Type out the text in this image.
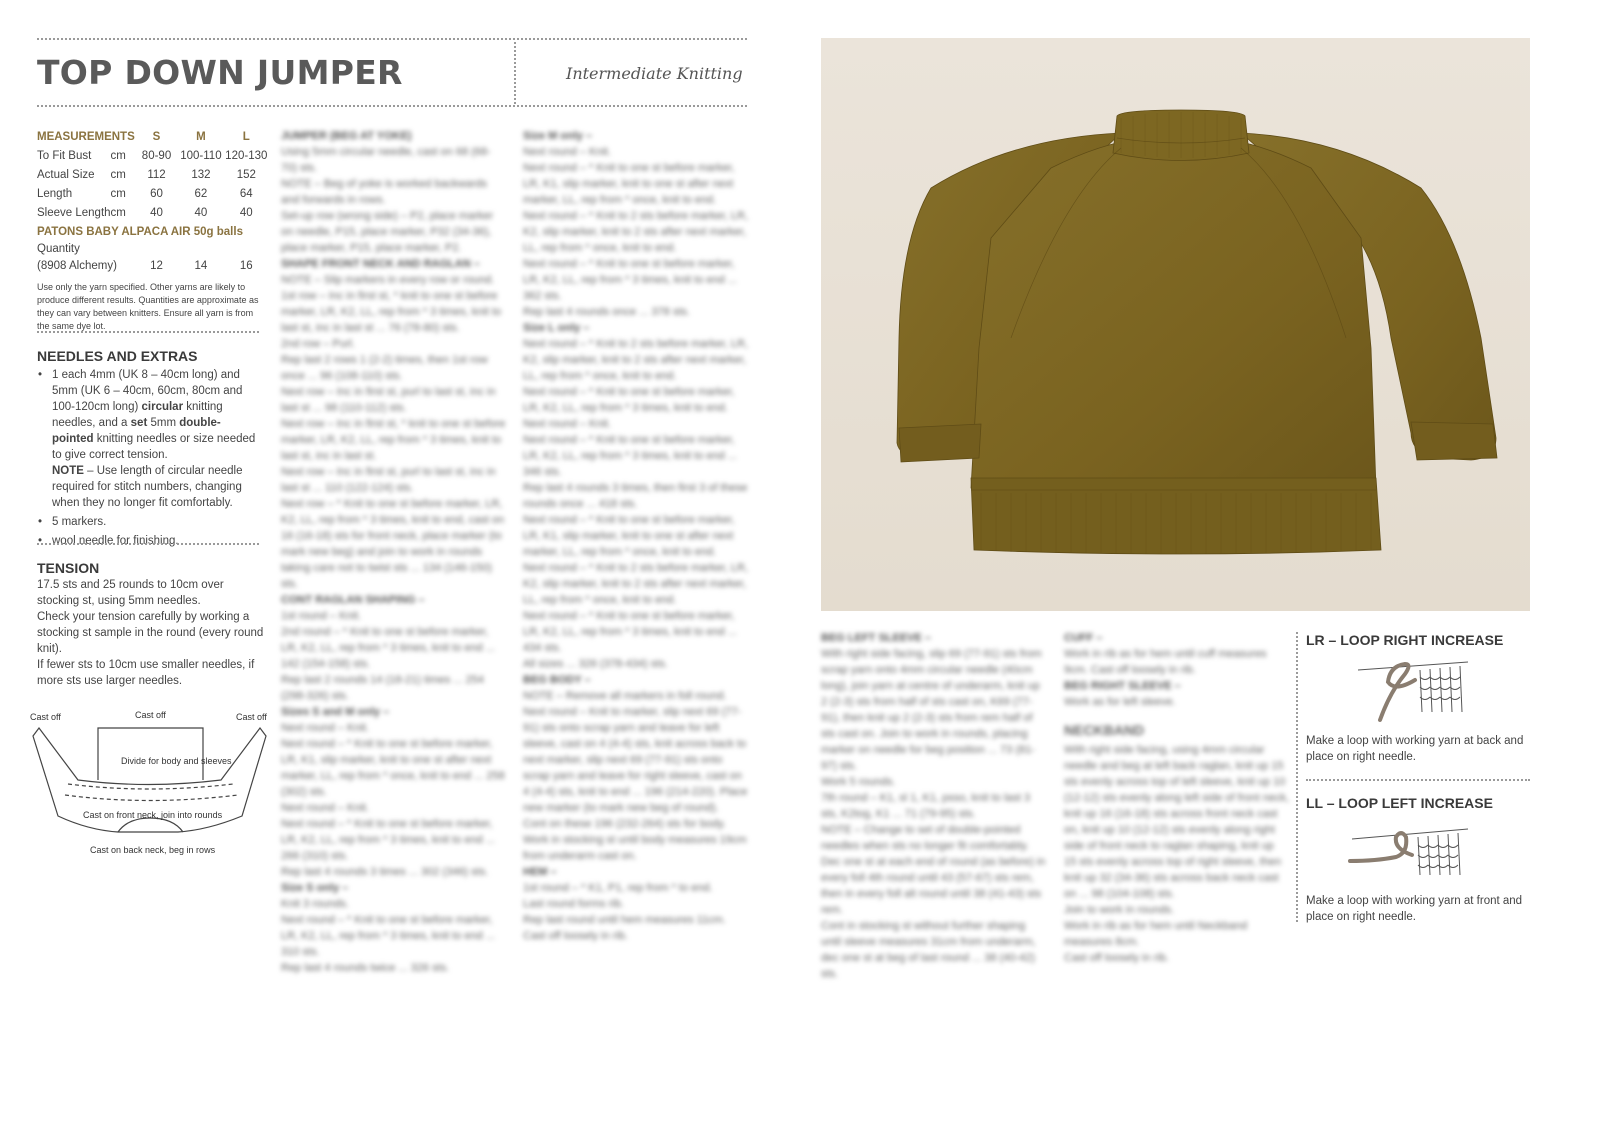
TOP DOWN JUMPER	Intermediate Knitting
MEASUREMENTS		S	M	L
To Fit Bust	cm	80-90	100-110	120-130
Actual Size	cm	112	132	152
Length	cm	60	62	64
Sleeve Length	cm	40	40	40
PATONS BABY ALPACA AIR 50g balls				
Quantity				
(8908 Alchemy)		12	14	16
Use only the yarn specified. Other yarns are likely to produce different results. Quantities are approximate as they can vary between knitters. Ensure all yarn is from the same dye lot.
NEEDLES AND EXTRAS
• 1 each 4mm (UK 8 – 40cm long) and 5mm (UK 6 – 40cm, 60cm, 80cm and 100-120cm long) circular knitting needles, and a set 5mm double-pointed knitting needles or size needed to give correct tension.
NOTE – Use length of circular needle required for stitch numbers, changing when they no longer fit comfortably.
• 5 markers.
• wool needle for finishing.
TENSION
17.5 sts and 25 rounds to 10cm over stocking st, using 5mm needles.
Check your tension carefully by working a stocking st sample in the round (every round knit).
If fewer sts to 10cm use smaller needles, if more sts use larger needles.
Cast off	Cast off	Cast off
Divide for body and sleeves
Cast on front neck, join into rounds
Cast on back neck, beg in rows
JUMPER (BEG AT YOKE)
Using 5mm circular needle, cast on 68 (68-70) sts.
NOTE – Beg of yoke is worked backwards and forwards in rows.
Set-up row (wrong side) – P2, place marker on needle, P15, place marker, P32 (34-36), place marker, P15, place marker, P2.
SHAPE FRONT NECK AND RAGLAN –
NOTE – Slip markers in every row or round.
1st row – Inc in first st, * knit to one st before marker, LR, K2, LL, rep from * 3 times, knit to last st, inc in last st ... 76 (78-80) sts.
2nd row – Purl.
Rep last 2 rows 1 (2-2) times, then 1st row once ... 96 (108-110) sts.
Next row – Inc in first st, purl to last st, inc in last st ... 98 (110-112) sts.
Next row – Inc in first st, * knit to one st before marker, LR, K2, LL, rep from * 3 times, knit to last st, inc in last st.
Next row – Inc in first st, purl to last st, inc in last st ... 110 (122-124) sts.
Next row – * Knit to one st before marker, LR, K2, LL, rep from * 3 times, knit to end, cast on 16 (16-18) sts for front neck, place marker (to mark new beg) and join to work in rounds taking care not to twist sts ... 134 (146-150) sts.
CONT RAGLAN SHAPING –
1st round – Knit.
2nd round – * Knit to one st before marker, LR, K2, LL, rep from * 3 times, knit to end ... 142 (154-158) sts.
Rep last 2 rounds 14 (18-21) times ... 254 (298-326) sts.
Sizes S and M only –
Next round – Knit.
Next round – * Knit to one st before marker, LR, K1, slip marker, knit to one st after next marker, LL, rep from * once, knit to end ... 258 (302) sts.
Next round – Knit.
Next round – * Knit to one st before marker, LR, K2, LL, rep from * 3 times, knit to end ... 266 (310) sts.
Rep last 4 rounds 3 times ... 302 (346) sts.
Size S only –
Knit 3 rounds.
Next round – * Knit to one st before marker, LR, K2, LL, rep from * 3 times, knit to end ... 310 sts.
Rep last 4 rounds twice ... 326 sts.
Size M only –
Next round – Knit.
Next round – * Knit to one st before marker, LR, K1, slip marker, knit to one st after next marker, LL, rep from * once, knit to end.
Next round – * Knit to 2 sts before marker, LR, K2, slip marker, knit to 2 sts after next marker, LL, rep from * once, knit to end.
Next round – * Knit to one st before marker, LR, K2, LL, rep from * 3 times, knit to end ... 362 sts.
Rep last 4 rounds once ... 378 sts.
Size L only –
Next round – * Knit to 2 sts before marker, LR, K2, slip marker, knit to 2 sts after next marker, LL, rep from * once, knit to end.
Next round – * Knit to one st before marker, LR, K2, LL, rep from * 3 times, knit to end.
Next round – Knit.
Next round – * Knit to one st before marker, LR, K2, LL, rep from * 3 times, knit to end ... 346 sts.
Rep last 4 rounds 3 times, then first 3 of these rounds once ... 418 sts.
Next round – * Knit to one st before marker, LR, K1, slip marker, knit to one st after next marker, LL, rep from * once, knit to end.
Next round – * Knit to 2 sts before marker, LR, K2, slip marker, knit to 2 sts after next marker, LL, rep from * once, knit to end.
Next round – * Knit to one st before marker, LR, K2, LL, rep from * 3 times, knit to end ... 434 sts.
All sizes ... 326 (378-434) sts.
BEG BODY –
NOTE – Remove all markers in foll round.
Next round – Knit to marker, slip next 69 (77-91) sts onto scrap yarn and leave for left sleeve, cast on 4 (4-4) sts, knit across back to next marker, slip next 69 (77-91) sts onto scrap yarn and leave for right sleeve, cast on 4 (4-4) sts, knit to end ... 196 (214-220). Place new marker (to mark new beg of round).
Cont on these 196 (232-264) sts for body. Work in stocking st until body measures 19cm from underarm cast on.
HEM –
1st round – * K1, P1, rep from * to end.
Last round forms rib.
Rep last round until hem measures 11cm.
Cast off loosely in rib.
BEG LEFT SLEEVE –
With right side facing, slip 69 (77-91) sts from scrap yarn onto 4mm circular needle (40cm long), join yarn at centre of underarm, knit up 2 (2-3) sts from half of sts cast on, K69 (77-91), then knit up 2 (2-3) sts from rem half of sts cast on. Join to work in rounds, placing marker on needle for beg position ... 73 (81-97) sts.
Work 5 rounds.
7th round – K1, sl 1, K1, psso, knit to last 3 sts, K2tog, K1 ... 71 (79-95) sts.
NOTE – Change to set of double-pointed needles when sts no longer fit comfortably.
Dec one st at each end of round (as before) in every foll 4th round until 43 (57-67) sts rem, then in every foll alt round until 38 (41-43) sts rem.
Cont in stocking st without further shaping until sleeve measures 31cm from underarm, dec one st at beg of last round ... 38 (40-42) sts.
CUFF –
Work in rib as for hem until cuff measures 9cm. Cast off loosely in rib.
BEG RIGHT SLEEVE –
Work as for left sleeve.
NECKBAND
With right side facing, using 4mm circular needle and beg at left back raglan, knit up 15 sts evenly across top of left sleeve, knit up 10 (12-12) sts evenly along left side of front neck, knit up 16 (16-18) sts across front neck cast on, knit up 10 (12-12) sts evenly along right side of front neck to raglan shaping, knit up 15 sts evenly across top of right sleeve, then knit up 32 (34-36) sts across back neck cast on ... 98 (104-108) sts.
Join to work in rounds.
Work in rib as for hem until Neckband measures 8cm.
Cast off loosely in rib.
LR – LOOP RIGHT INCREASE
Make a loop with working yarn at back and place on right needle.
LL – LOOP LEFT INCREASE
Make a loop with working yarn at front and place on right needle.
